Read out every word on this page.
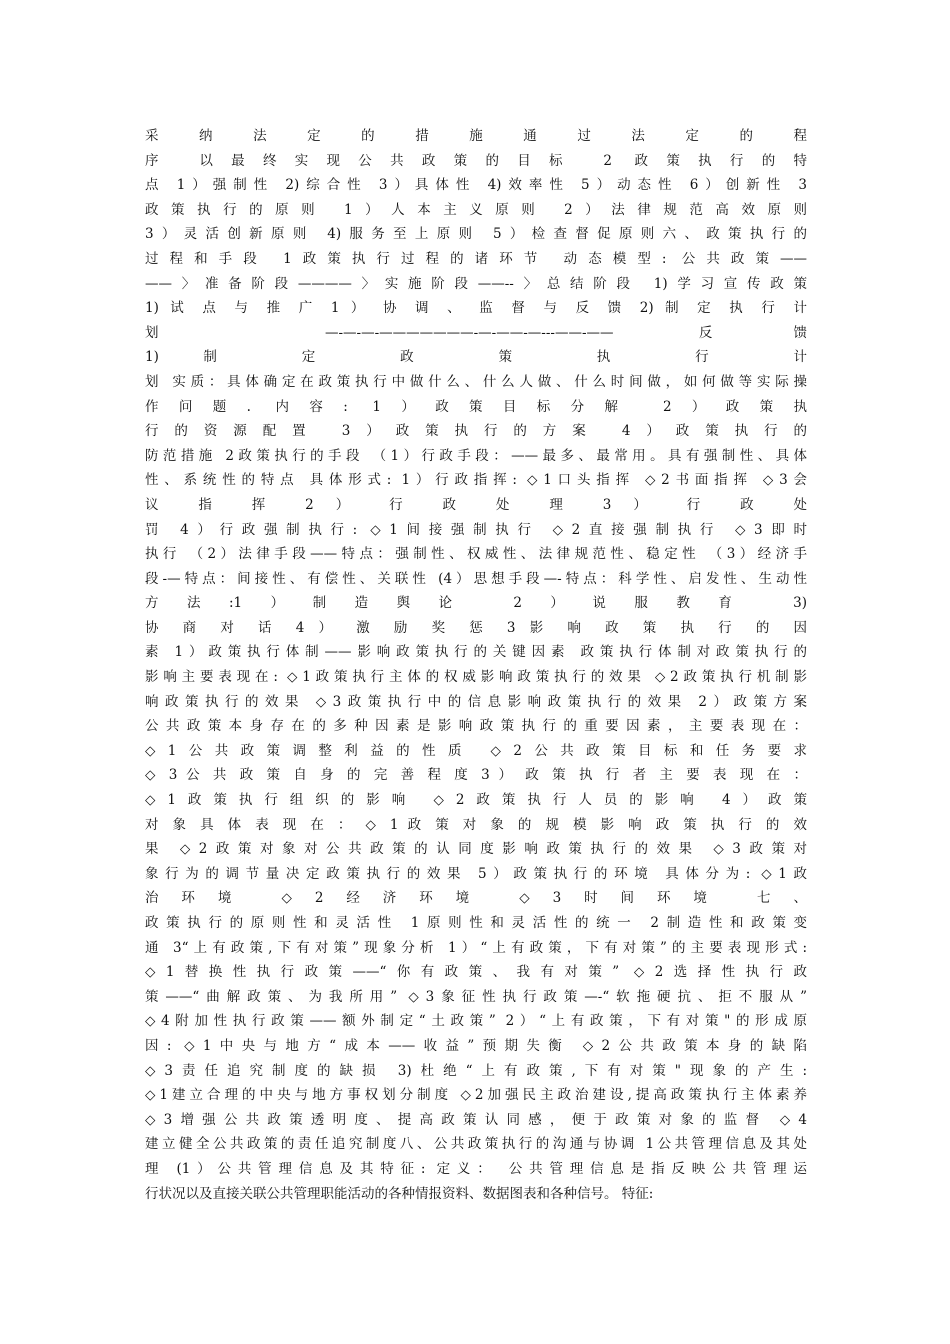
采 纳 法 定 的 措 施 通 过 法 定 的 程
序 以最终实现公共政策的目标 2 政策执行的特
点 1）强制性 2)综合性 3）具体性 4)效率性 5）动态性 6）创新性 3
政策执行的原则 1）人本主义原则 2）法律规范高效原则
3）灵活创新原则 4)服务至上原则 5）检查督促原则六、政策执行的
过程和手段 1政策执行过程的诸环节 动态模型: 公共政策——
——〉准备阶段————〉实施阶段——--〉总结阶段 1)学习宣传政策
1) 试 点 与 推 广 1 ） 协 调 、 监 督 与 反 馈 2) 制 定 执 行 计
划 —-—-—-———————-—-——-—---——-—— 反馈
1) 制 定 政 策 执 行 计
划 实质：具体确定在政策执行中做什么、什么人做、什么时间做，如何做等实际操
作问题. 内容: 1）政策目标分解 2）政策执
行的资源配置 3）政策执行的方案 4）政策执行的
防范措施 2政策执行的手段 （1）行政手段：——最多、最常用。具有强制性、具体
性、系统性的特点 具体形式: 1）行政指挥: ◇1口头指挥 ◇2书面指挥 ◇3会
议 指 挥 2 ） 行 政 处 理 3 ） 行 政 处
罚 4）行政强制执行: ◇1间接强制执行 ◇2直接强制执行 ◇3即时
执行 （2）法律手段——特点：强制性、权威性、法律规范性、稳定性 （3）经济手
段-—特点：间接性、有偿性、关联性 (4）思想手段—-特点：科学性、启发性、生动性
方法:1）制造舆论 2）说服教育 3)
协 商 对 话 4 ） 激 励 奖 惩 3 影 响 政 策 执 行 的 因
素 1）政策执行体制——影响政策执行的关键因素 政策执行体制对政策执行的
影响主要表现在: ◇1政策执行主体的权威影响政策执行的效果 ◇2政策执行机制影
响政策执行的效果 ◇3政策执行中的信息影响政策执行的效果 2）政策方案
公 共 政 策 本 身 存 在 的 多 种 因 素 是 影 响 政 策 执 行 的 重 要 因 素 ， 主 要 表 现 在 ：
◇1公共政策调整利益的性质 ◇2公共政策目标和任务要求
◇ 3 公 共 政 策 自 身 的 完 善 程 度 3 ） 政 策 执 行 者 主 要 表 现 在 ：
◇1政策执行组织的影响 ◇2政策执行人员的影响 4）政策
对 象 具 体 表 现 在 ： ◇ 1 政 策 对 象 的 规 模 影 响 政 策 执 行 的 效
果 ◇2政策对象对公共政策的认同度影响政策执行的效果 ◇3政策对
象行为的调节量决定政策执行的效果 5）政策执行的环境 具体分为: ◇1政
治环境 ◇2经济环境 ◇3时间环境 七、
政策执行的原则性和灵活性 1原则性和灵活性的统一 2制造性和政策变
通 3“上有政策,下有对策”现象分析 1）“上有政策，下有对策”的主要表现形式:
◇1替换性执行政策——“你有政策、我有对策” ◇2选择性执行政
策——“曲解政策、为我所用” ◇3象征性执行政策—-“软拖硬抗、拒不服从”
◇4附加性执行政策——额外制定“土政策” 2）“上有政策，下有对策"的形成原
因: ◇1中央与地方“成本——收益”预期失衡 ◇2公共政策本身的缺陷
◇3责任追究制度的缺损 3)杜绝“上有政策,下有对策"现象的产生:
◇1建立合理的中央与地方事权划分制度 ◇2加强民主政治建设,提高政策执行主体素养
◇3增强公共政策透明度、提高政策认同感，便于政策对象的监督 ◇4
建立健全公共政策的责任追究制度八、公共政策执行的沟通与协调 1公共管理信息及其处
理 (1）公共管理信息及其特征: 定义： 公共管理信息是指反映公共管理运
行状况以及直接关联公共管理职能活动的各种情报资料、数据图表和各种信号。 特征:
